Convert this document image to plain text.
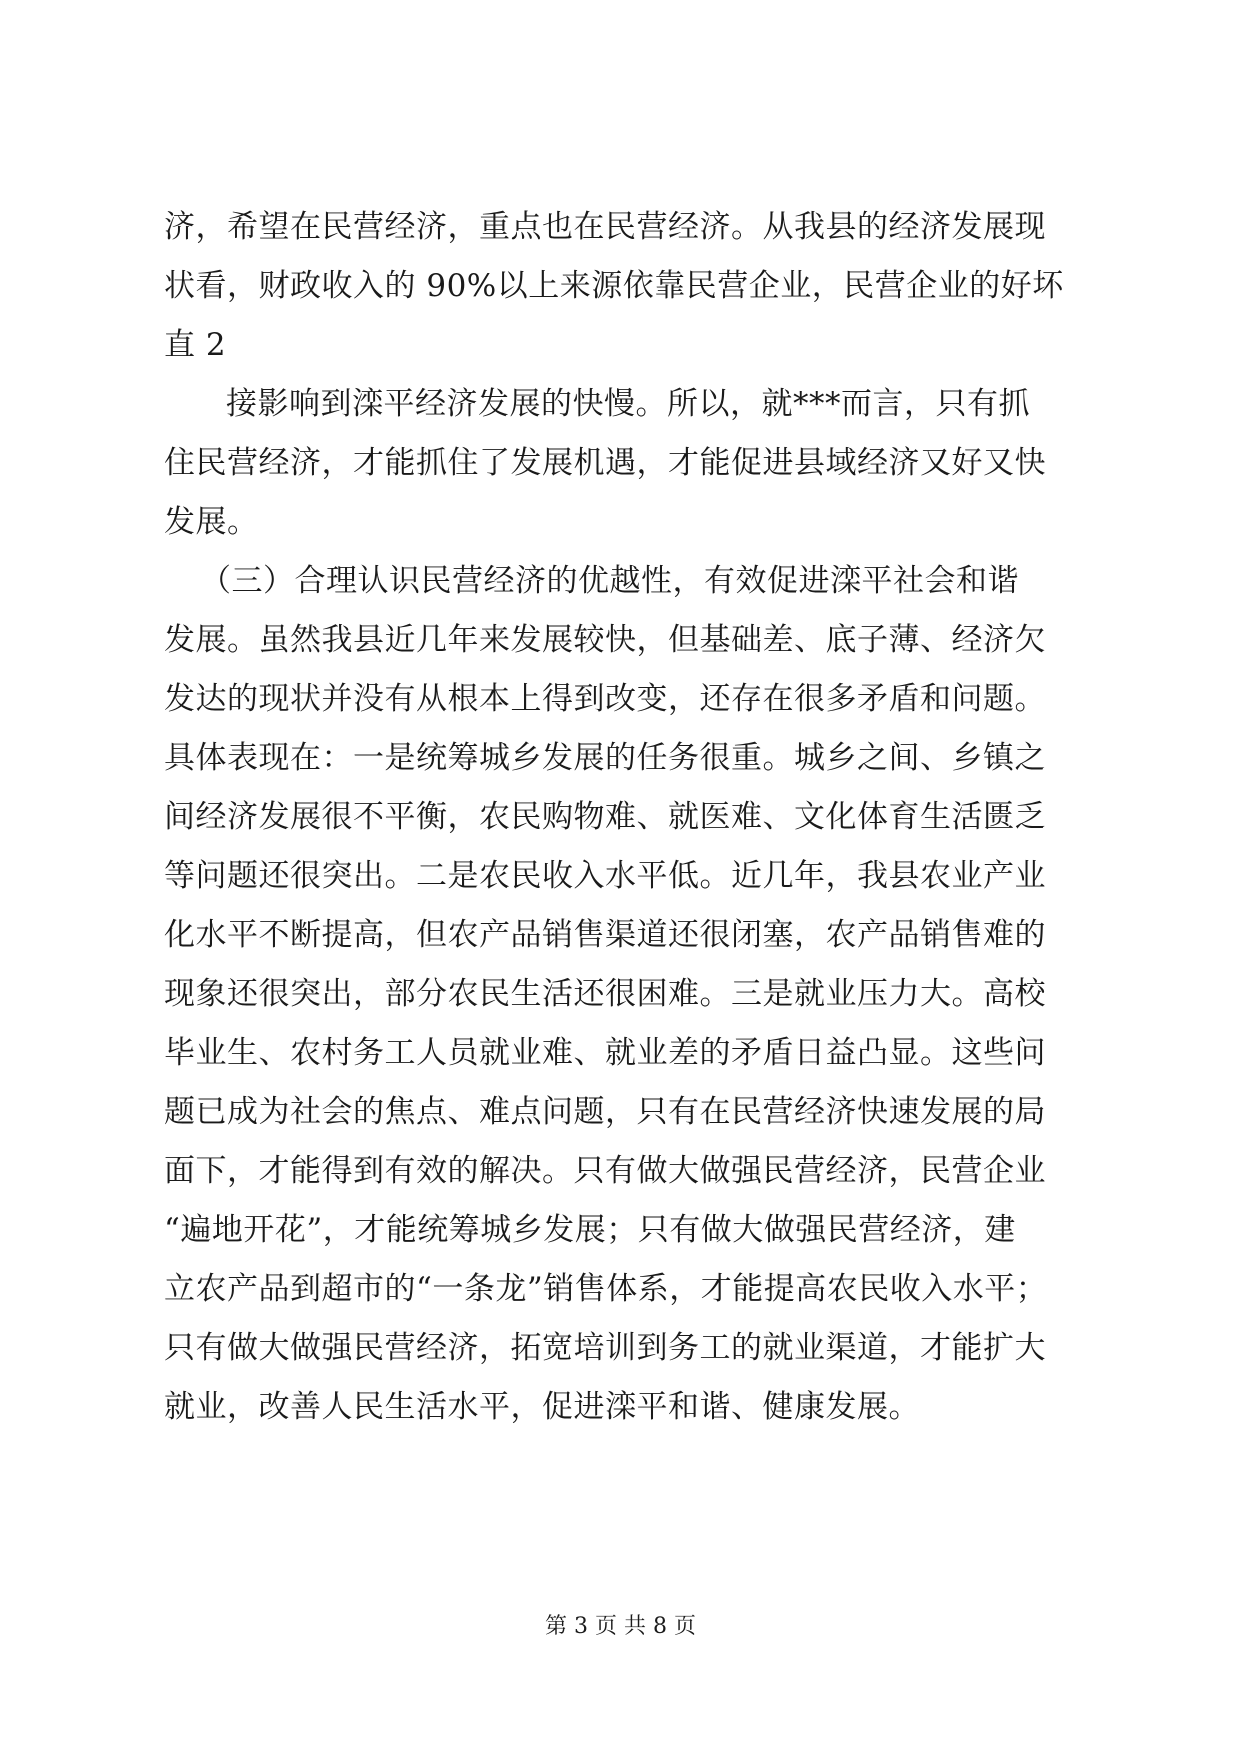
济，希望在民营经济，重点也在民营经济。从我县的经济发展现
状看，财政收入的 90%以上来源依靠民营企业，民营企业的好坏
直 2
接影响到滦平经济发展的快慢。所以，就***而言，只有抓
住民营经济，才能抓住了发展机遇，才能促进县域经济又好又快
发展。
（三）合理认识民营经济的优越性，有效促进滦平社会和谐
发展。虽然我县近几年来发展较快，但基础差、底子薄、经济欠
发达的现状并没有从根本上得到改变，还存在很多矛盾和问题。
具体表现在：一是统筹城乡发展的任务很重。城乡之间、乡镇之
间经济发展很不平衡，农民购物难、就医难、文化体育生活匮乏
等问题还很突出。二是农民收入水平低。近几年，我县农业产业
化水平不断提高，但农产品销售渠道还很闭塞，农产品销售难的
现象还很突出，部分农民生活还很困难。三是就业压力大。高校
毕业生、农村务工人员就业难、就业差的矛盾日益凸显。这些问
题已成为社会的焦点、难点问题，只有在民营经济快速发展的局
面下，才能得到有效的解决。只有做大做强民营经济，民营企业
“遍地开花”，才能统筹城乡发展；只有做大做强民营经济，建
立农产品到超市的“一条龙”销售体系，才能提高农民收入水平；
只有做大做强民营经济，拓宽培训到务工的就业渠道，才能扩大
就业，改善人民生活水平，促进滦平和谐、健康发展。
第 3 页 共 8 页
